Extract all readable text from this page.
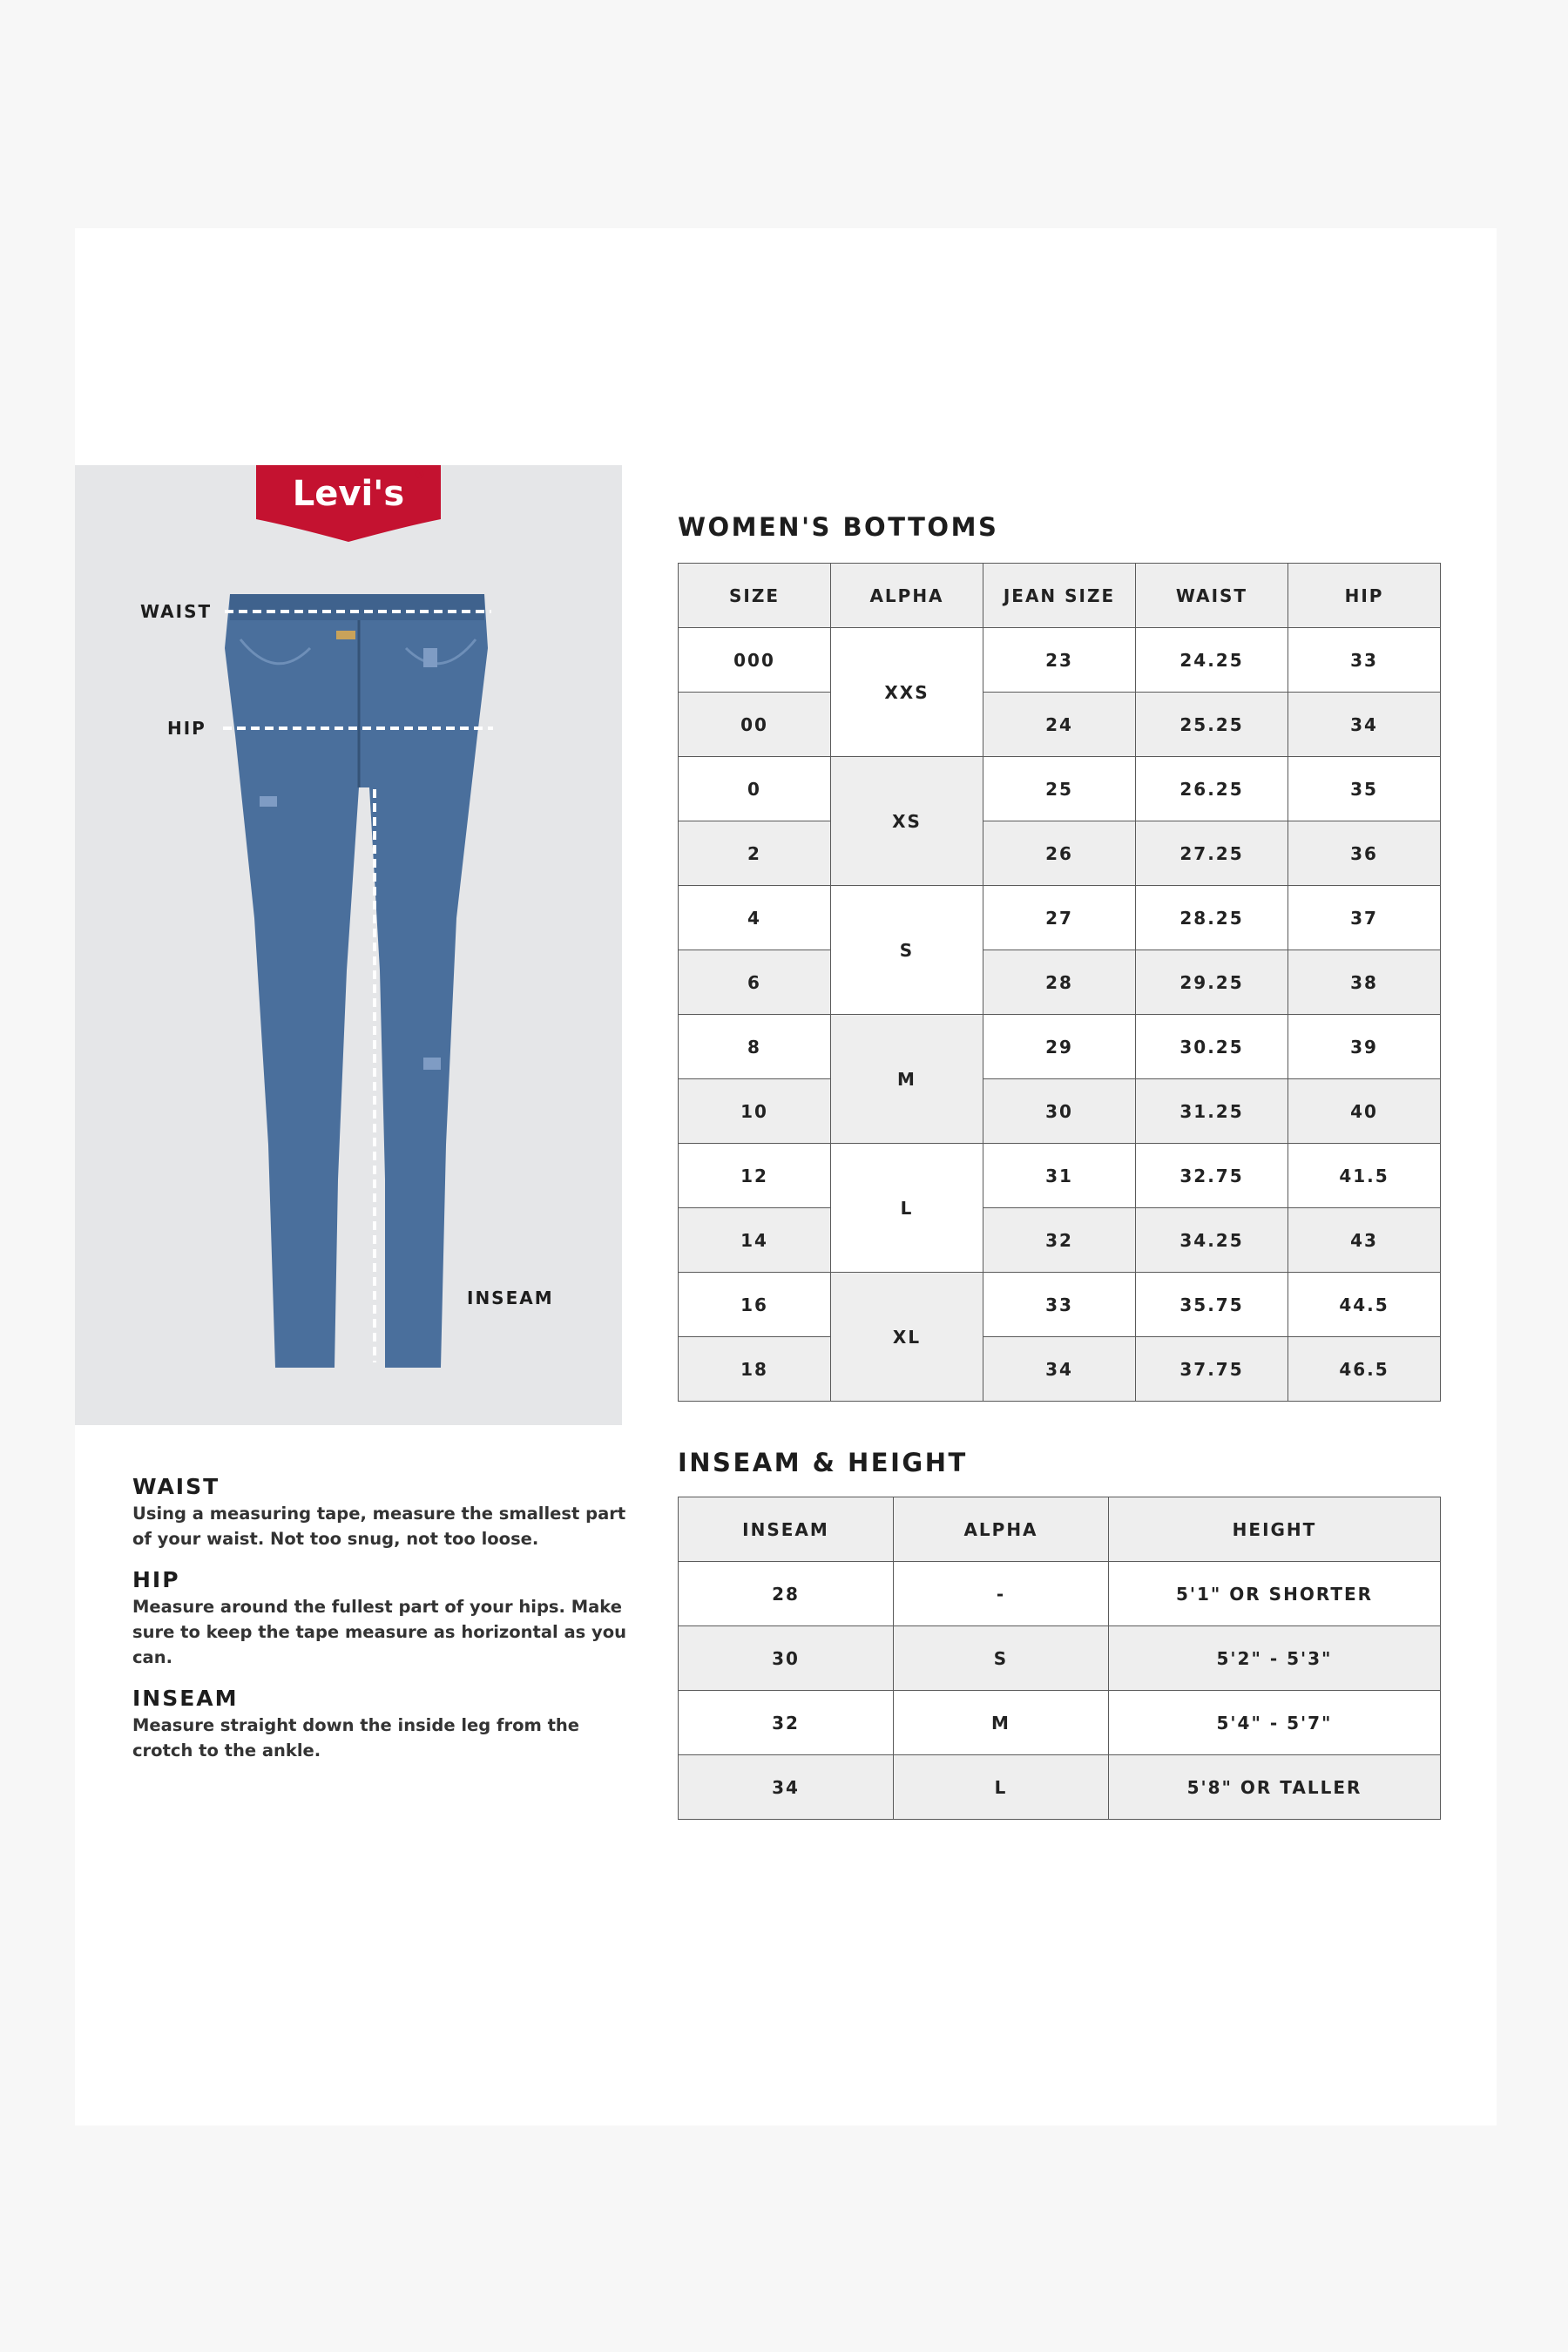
Levi's ®
WAIST
HIP
INSEAM
WAIST

Using a measuring tape, measure the smallest part of your waist. Not too snug, not too loose.

HIP

Measure around the fullest part of your hips. Make sure to keep the tape measure as horizontal as you can.

INSEAM

Measure straight down the inside leg from the crotch to the ankle.

WOMEN'S BOTTOMS
SIZE	ALPHA	JEAN SIZE	WAIST	HIP
000	XXS	23	24.25	33
00		24	25.25	34
0	XS	25	26.25	35
2		26	27.25	36
4	S	27	28.25	37
6		28	29.25	38
8	M	29	30.25	39
10		30	31.25	40
12	L	31	32.75	41.5
14		32	34.25	43
16	XL	33	35.75	44.5
18		34	37.75	46.5
INSEAM & HEIGHT
INSEAM	ALPHA	HEIGHT
28	-	5'1" OR SHORTER
30	S	5'2" - 5'3"
32	M	5'4" - 5'7"
34	L	5'8" OR TALLER
